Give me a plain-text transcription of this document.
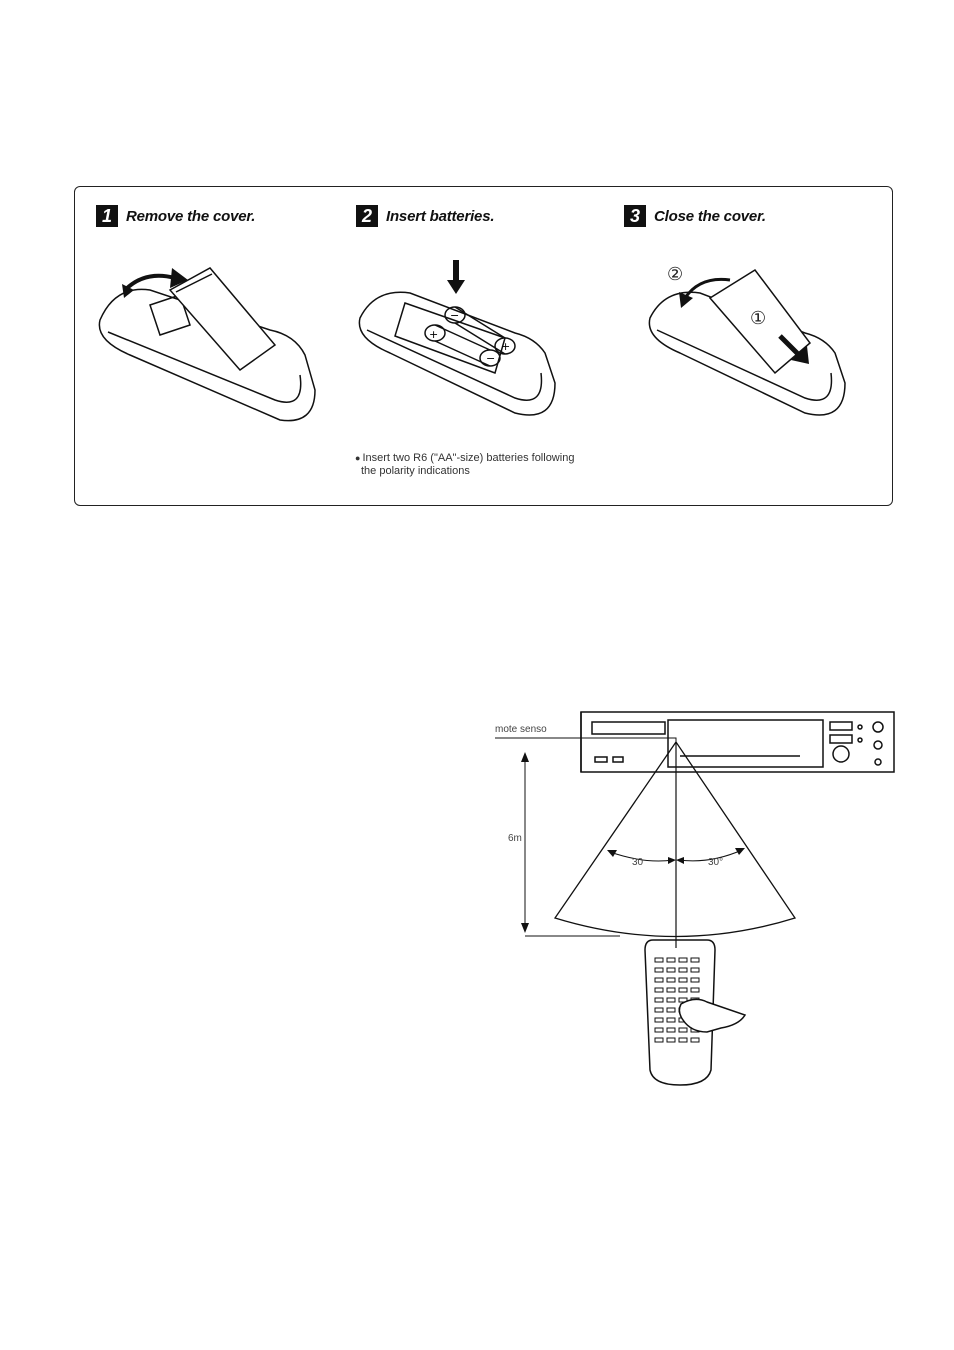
1 Remove the cover.	2 Insert batteries.	3 Close the cover.
+
−
−
+
②
①
● Insert two R6 ("AA"-size) batteries following
the polarity indications
mote senso
6m
30	30°
